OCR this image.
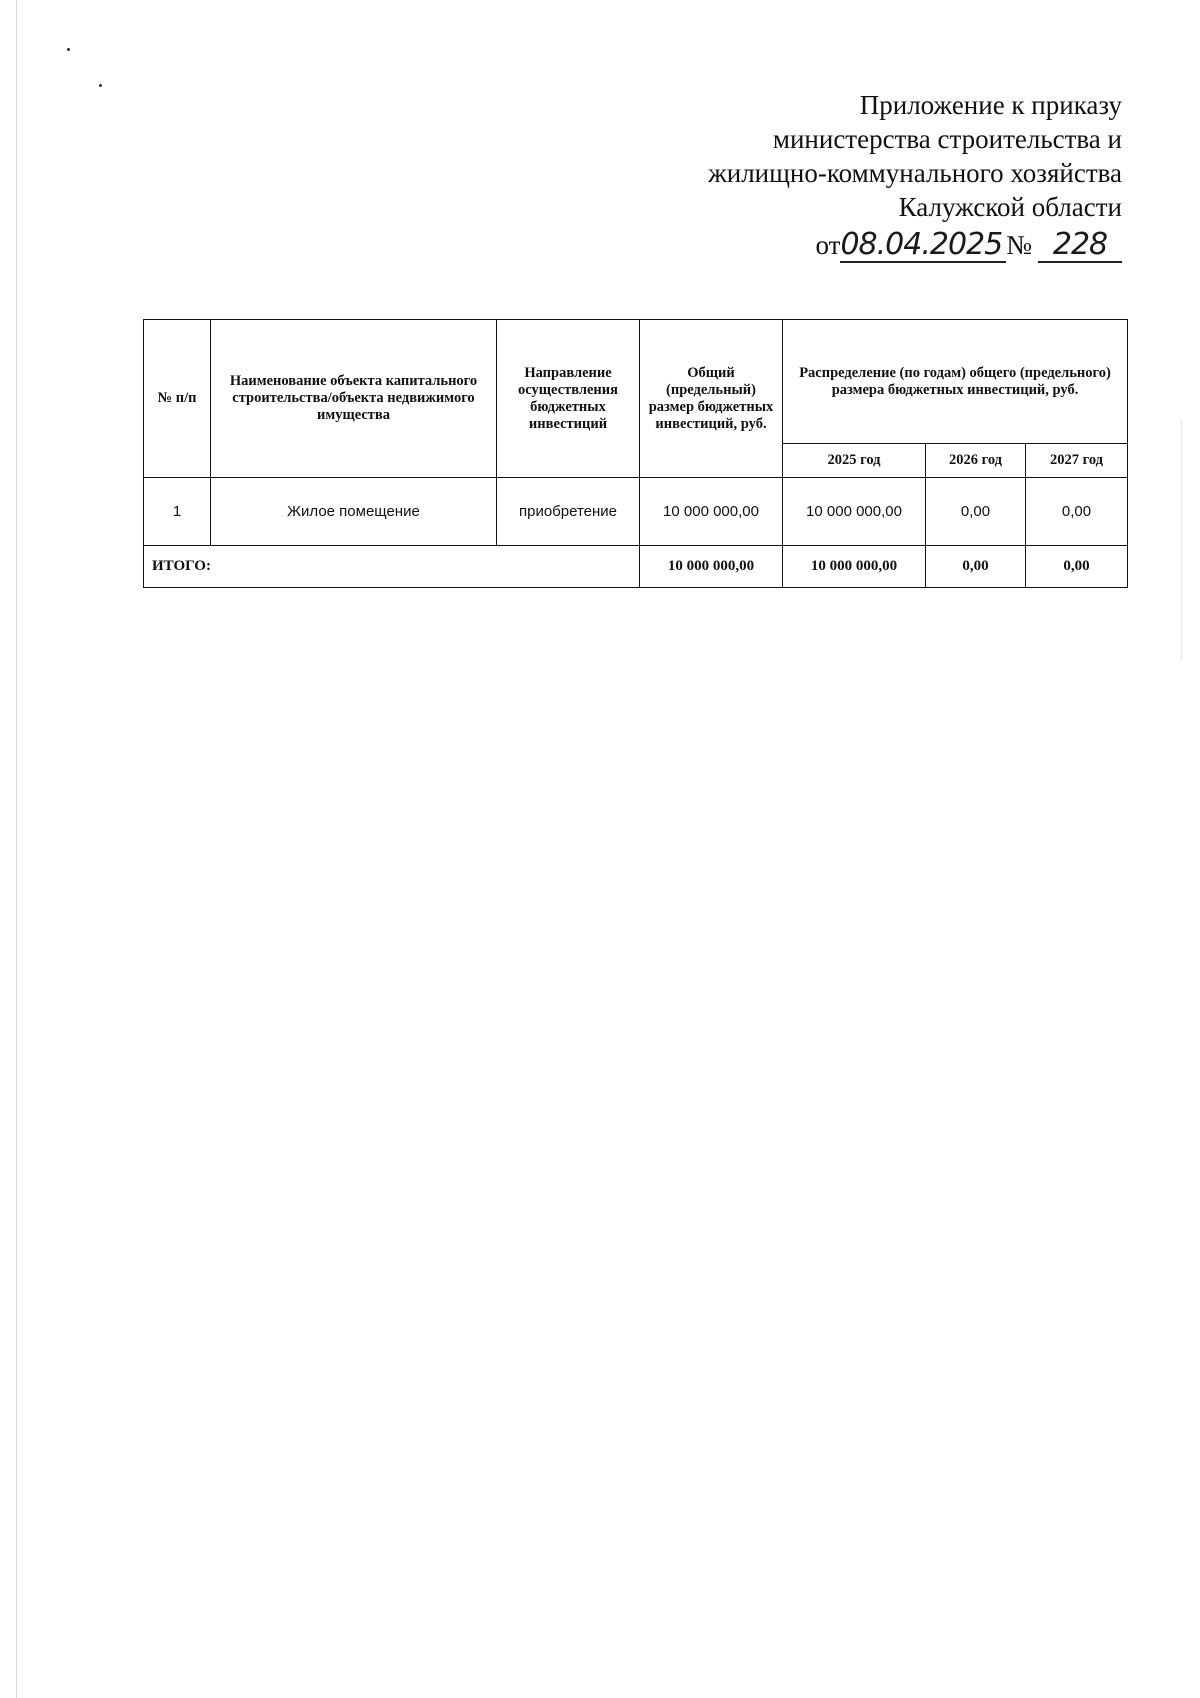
Приложение к приказу
министерства строительства и
жилищно-коммунального хозяйства
Калужской области
от08.04.2025 № 228
№ п/п	Наименование объекта капитального строительства/объекта недвижимого имущества	Направление осуществления бюджетных инвестиций	Общий (предельный) размер бюджетных инвестиций, руб.	Распределение (по годам) общего (предельного) размера бюджетных инвестиций, руб.		
				2025 год	2026 год	2027 год
1	Жилое помещение	приобретение	10 000 000,00	10 000 000,00	0,00	0,00
ИТОГО:			10 000 000,00	10 000 000,00	0,00	0,00
